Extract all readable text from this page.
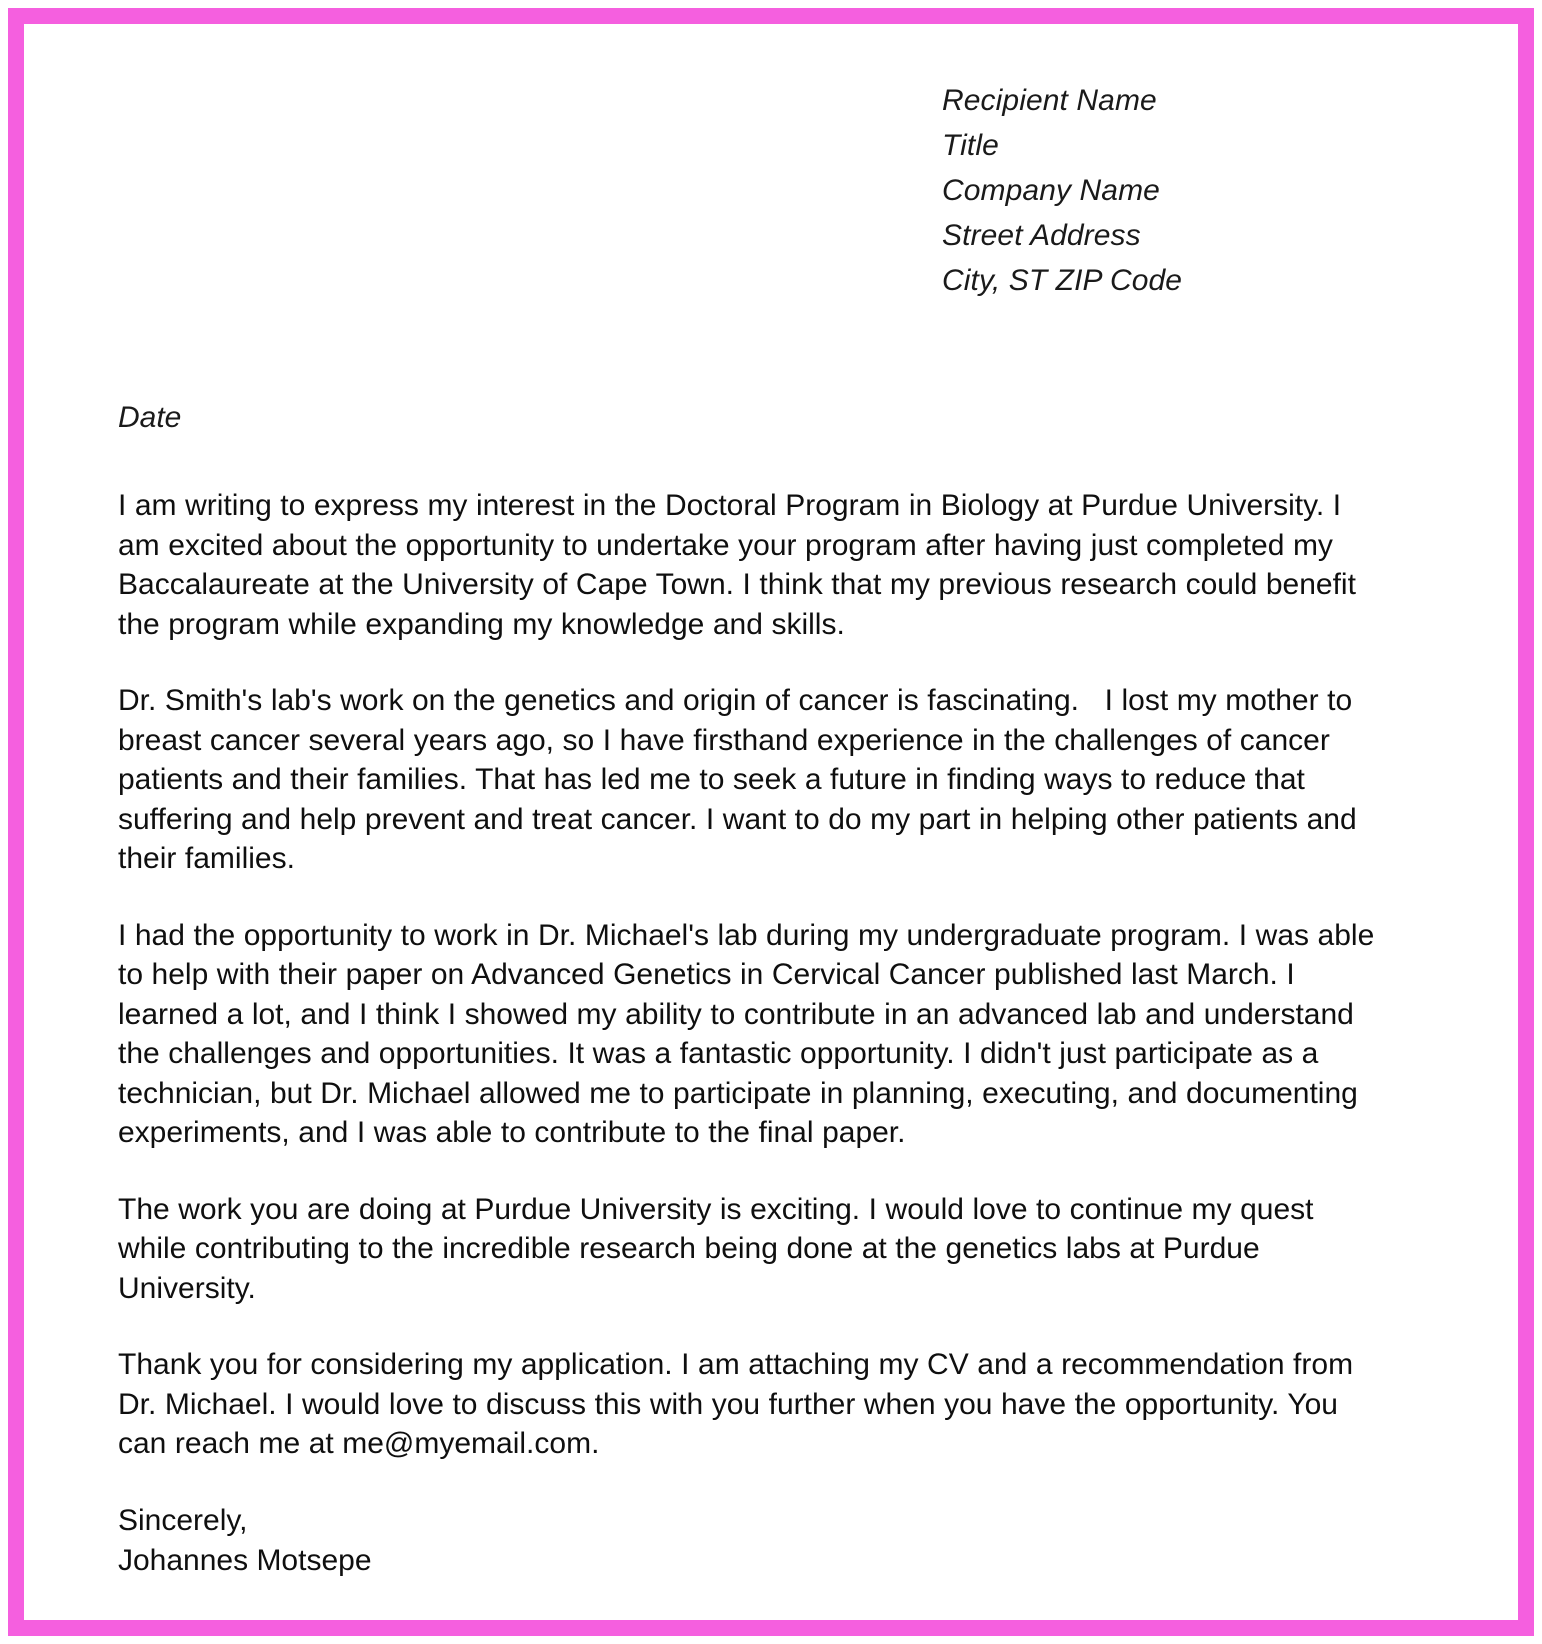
Recipient Name
Title
Company Name
Street Address
City, ST ZIP Code
Date

I am writing to express my interest in the Doctoral Program in Biology at Purdue University. I am excited about the opportunity to undertake your program after having just completed my Baccalaureate at the University of Cape Town. I think that my previous research could benefit the program while expanding my knowledge and skills.

Dr. Smith's lab's work on the genetics and origin of cancer is fascinating.   I lost my mother to breast cancer several years ago, so I have firsthand experience in the challenges of cancer patients and their families. That has led me to seek a future in finding ways to reduce that suffering and help prevent and treat cancer. I want to do my part in helping other patients and their families.

I had the opportunity to work in Dr. Michael's lab during my undergraduate program. I was able to help with their paper on Advanced Genetics in Cervical Cancer published last March. I learned a lot, and I think I showed my ability to contribute in an advanced lab and understand the challenges and opportunities. It was a fantastic opportunity. I didn't just participate as a technician, but Dr. Michael allowed me to participate in planning, executing, and documenting experiments, and I was able to contribute to the final paper.

The work you are doing at Purdue University is exciting. I would love to continue my quest while contributing to the incredible research being done at the genetics labs at Purdue University.

Thank you for considering my application. I am attaching my CV and a recommendation from Dr. Michael. I would love to discuss this with you further when you have the opportunity. You can reach me at me@myemail.com.

Sincerely,
Johannes Motsepe
